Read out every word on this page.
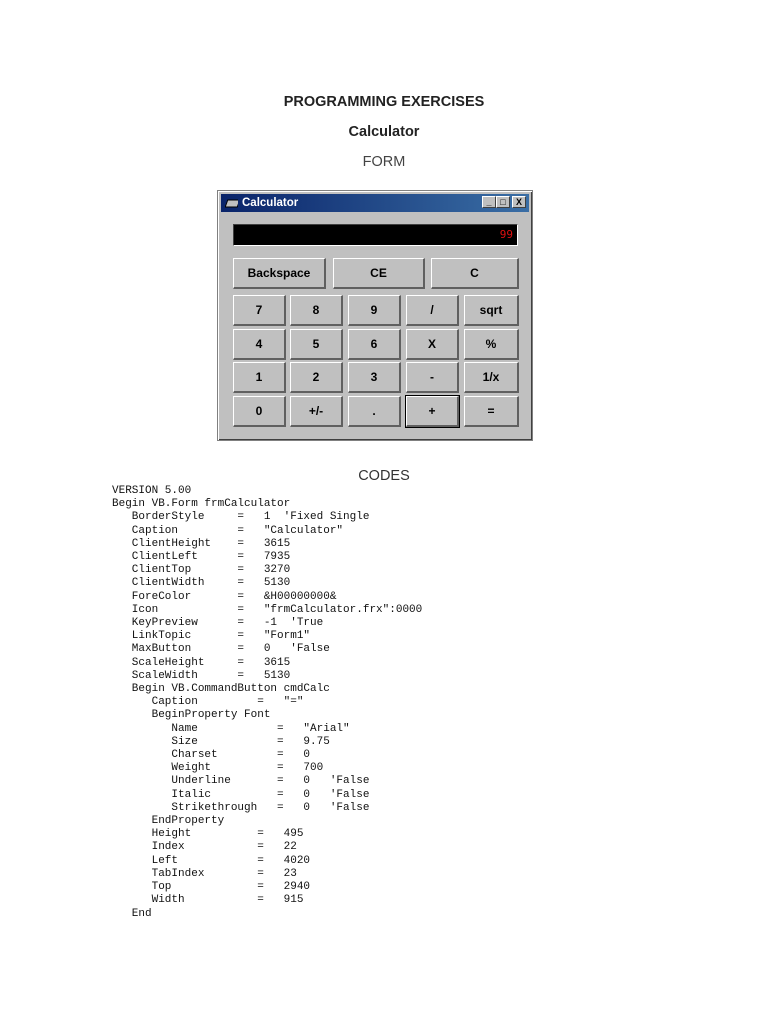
PROGRAMMING EXERCISES
Calculator
FORM
Calculator	_ □	X
99
Backspace	CE	C
7	8	9	/	sqrt
4	5	6	X	%
1	2	3	-	1/x
0	+/-	.	+	=
CODES
VERSION 5.00
Begin VB.Form frmCalculator
BorderStyle     =   1  'Fixed Single
Caption         =   "Calculator"
ClientHeight    =   3615
ClientLeft      =   7935
ClientTop       =   3270
ClientWidth     =   5130
ForeColor       =   &H00000000&
Icon            =   "frmCalculator.frx":0000
KeyPreview      =   -1  'True
LinkTopic       =   "Form1"
MaxButton       =   0   'False
ScaleHeight     =   3615
ScaleWidth      =   5130
Begin VB.CommandButton cmdCalc
Caption         =   "="
BeginProperty Font
Name            =   "Arial"
Size            =   9.75
Charset         =   0
Weight          =   700
Underline       =   0   'False
Italic          =   0   'False
Strikethrough   =   0   'False
EndProperty
Height          =   495
Index           =   22
Left            =   4020
TabIndex        =   23
Top             =   2940
Width           =   915
End
